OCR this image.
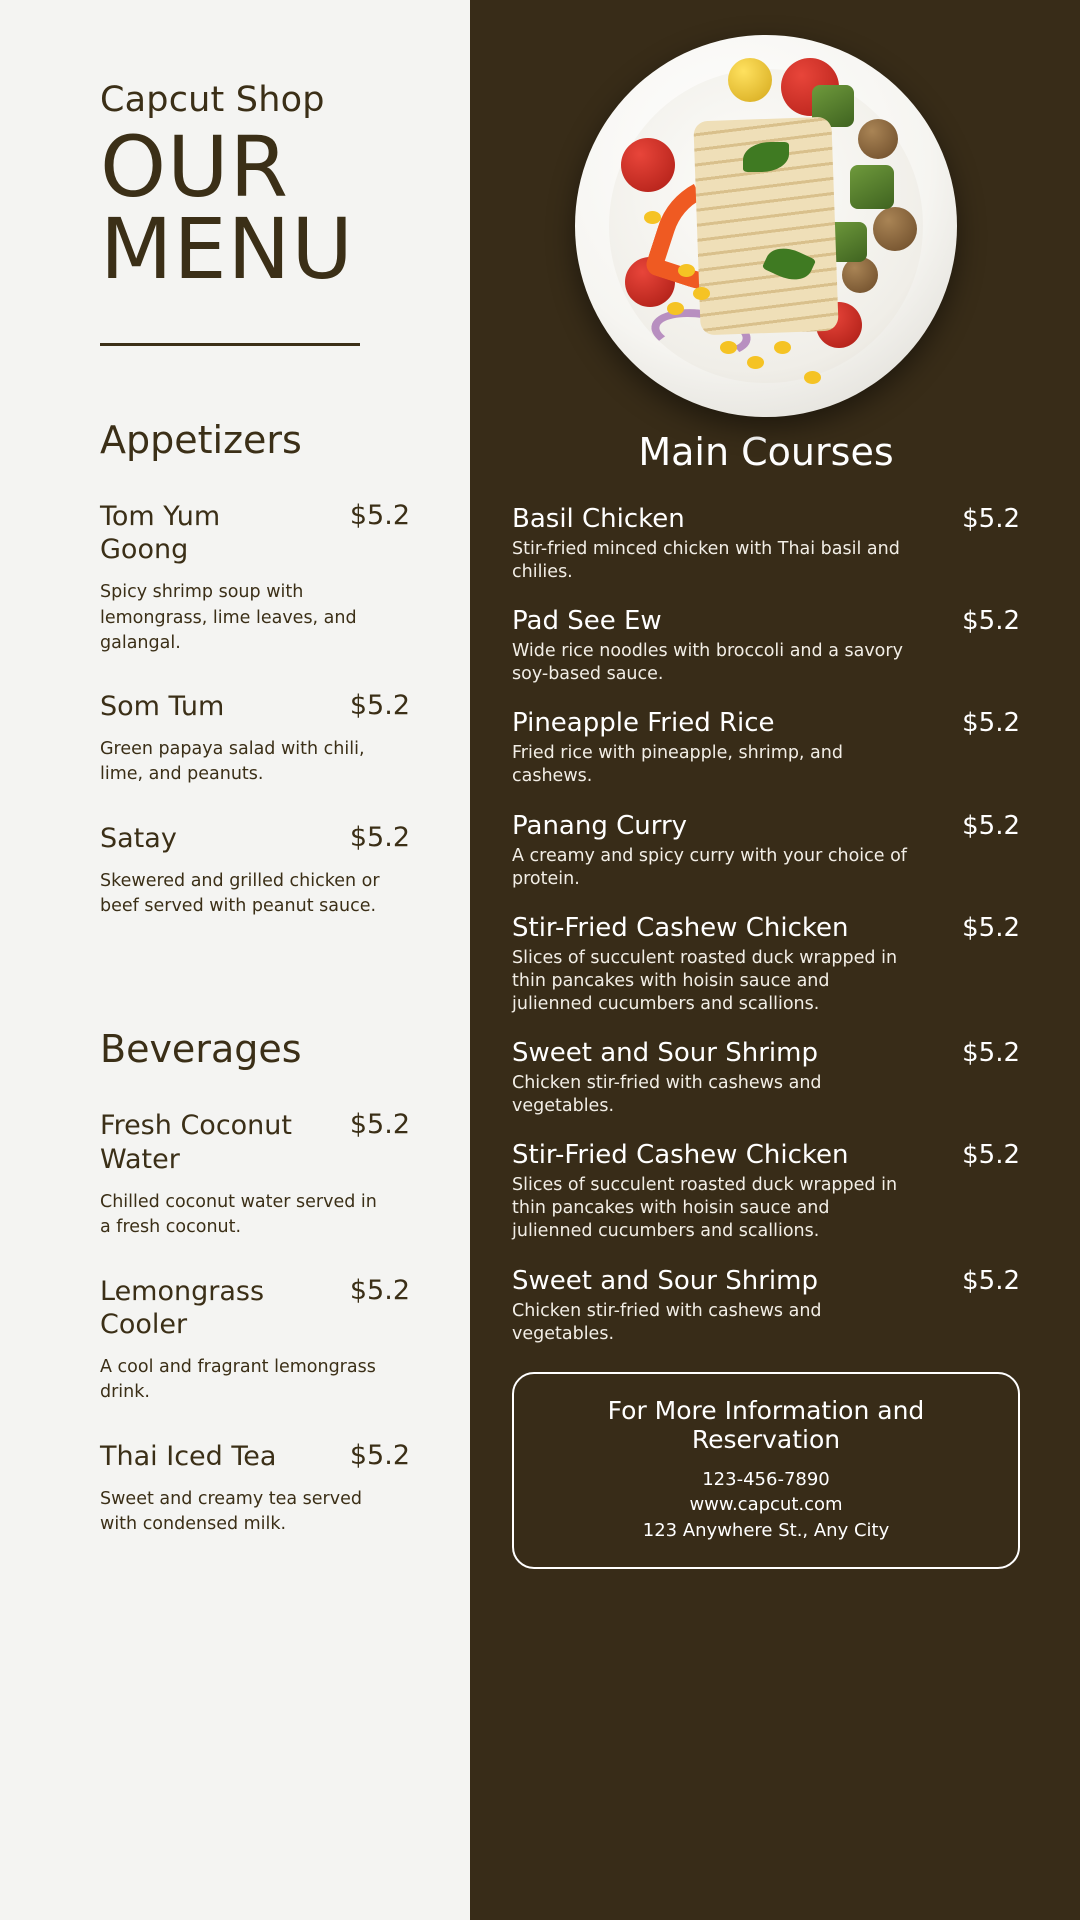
Capcut Shop
OUR
MENU
Appetizers
Tom Yum Goong
$5.2
Spicy shrimp soup with lemongrass, lime leaves, and galangal.
Som Tum	$5.2
Green papaya salad with chili, lime, and peanuts.
Satay	$5.2
Skewered and grilled chicken or beef served with peanut sauce.
Beverages
Fresh Coconut Water
$5.2
Chilled coconut water served in a fresh coconut.
Lemongrass Cooler
$5.2
A cool and fragrant lemongrass drink.
Thai Iced Tea	$5.2
Sweet and creamy tea served with condensed milk.
Main Courses
Basil Chicken	$5.2
Stir-fried minced chicken with Thai basil and chilies.
Pad See Ew	$5.2
Wide rice noodles with broccoli and a savory soy-based sauce.
Pineapple Fried Rice	$5.2
Fried rice with pineapple, shrimp, and cashews.
Panang Curry	$5.2
A creamy and spicy curry with your choice of protein.
Stir-Fried Cashew Chicken	$5.2
Slices of succulent roasted duck wrapped in thin pancakes with hoisin sauce and julienned cucumbers and scallions.
Sweet and Sour Shrimp	$5.2
Chicken stir-fried with cashews and vegetables.
Stir-Fried Cashew Chicken	$5.2
Slices of succulent roasted duck wrapped in thin pancakes with hoisin sauce and julienned cucumbers and scallions.
Sweet and Sour Shrimp	$5.2
Chicken stir-fried with cashews and vegetables.
For More Information and Reservation
123-456-7890
www.capcut.com
123 Anywhere St., Any City
